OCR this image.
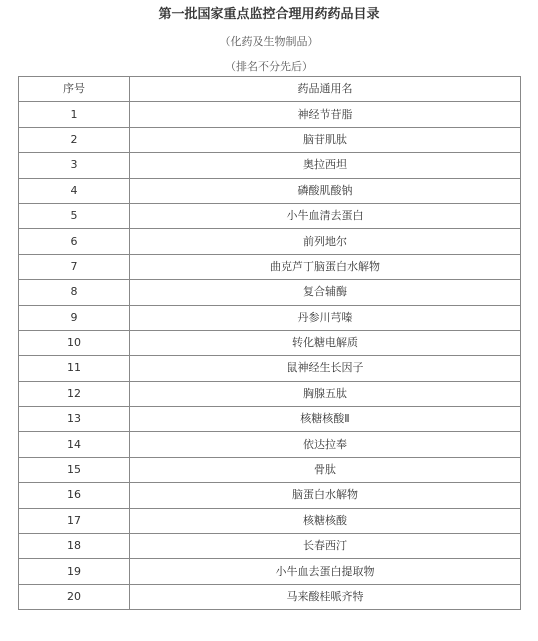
第一批国家重点监控合理用药药品目录
（化药及生物制品）
（排名不分先后）
序号	药品通用名
1	神经节苷脂
2	脑苷肌肽
3	奥拉西坦
4	磷酸肌酸钠
5	小牛血清去蛋白
6	前列地尔
7	曲克芦丁脑蛋白水解物
8	复合辅酶
9	丹参川芎嗪
10	转化糖电解质
11	鼠神经生长因子
12	胸腺五肽
13	核糖核酸Ⅱ
14	依达拉奉
15	骨肽
16	脑蛋白水解物
17	核糖核酸
18	长春西汀
19	小牛血去蛋白提取物
20	马来酸桂哌齐特
